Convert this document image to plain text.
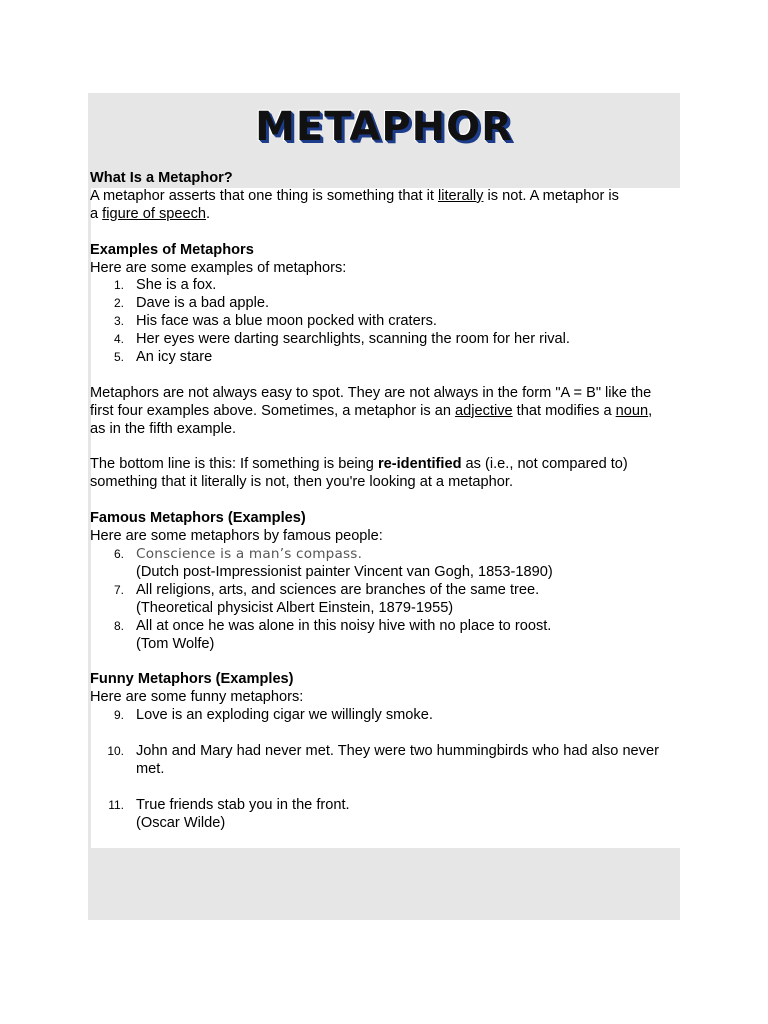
METAPHOR
What Is a Metaphor?
A metaphor asserts that one thing is something that it literally is not. A metaphor is
a figure of speech.
Examples of Metaphors
Here are some examples of metaphors:
1. She is a fox.
2. Dave is a bad apple.
3. His face was a blue moon pocked with craters.
4. Her eyes were darting searchlights, scanning the room for her rival.
5. An icy stare
Metaphors are not always easy to spot. They are not always in the form "A = B" like the
first four examples above. Sometimes, a metaphor is an adjective that modifies a noun,
as in the fifth example.
The bottom line is this: If something is being re-identified as (i.e., not compared to)
something that it literally is not, then you're looking at a metaphor.
Famous Metaphors (Examples)
Here are some metaphors by famous people:
6. Conscience is a man’s compass.
(Dutch post-Impressionist painter Vincent van Gogh, 1853-1890)
7. All religions, arts, and sciences are branches of the same tree.
(Theoretical physicist Albert Einstein, 1879-1955)
8. All at once he was alone in this noisy hive with no place to roost.
(Tom Wolfe)
Funny Metaphors (Examples)
Here are some funny metaphors:
9. Love is an exploding cigar we willingly smoke.
10. John and Mary had never met. They were two hummingbirds who had also never
met.
11. True friends stab you in the front.
(Oscar Wilde)
